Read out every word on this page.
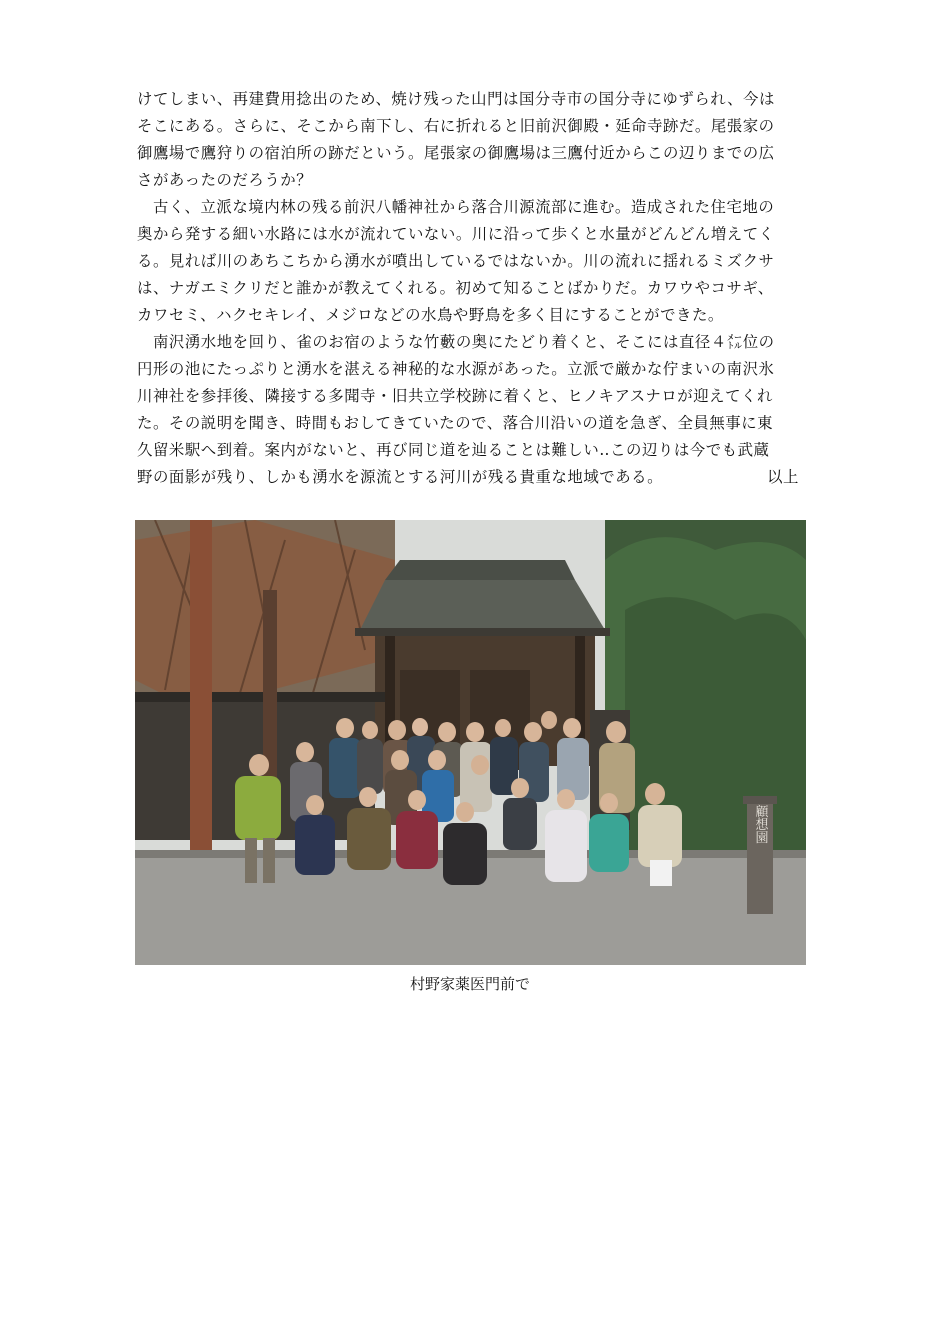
けてしまい、再建費用捻出のため、焼け残った山門は国分寺市の国分寺にゆずられ、今は
そこにある。さらに、そこから南下し、右に折れると旧前沢御殿・延命寺跡だ。尾張家の
御鷹場で鷹狩りの宿泊所の跡だという。尾張家の御鷹場は三鷹付近からこの辺りまでの広
さがあったのだろうか？
　古く、立派な境内林の残る前沢八幡神社から落合川源流部に進む。造成された住宅地の
奥から発する細い水路には水が流れていない。川に沿って歩くと水量がどんどん増えてく
る。見れば川のあちこちから湧水が噴出しているではないか。川の流れに揺れるミズクサ
は、ナガエミクリだと誰かが教えてくれる。初めて知ることばかりだ。カワウやコサギ、
カワセミ、ハクセキレイ、メジロなどの水鳥や野鳥を多く目にすることができた。
　南沢湧水地を回り、雀のお宿のような竹藪の奥にたどり着くと、そこには直径４㍍位の
円形の池にたっぷりと湧水を湛える神秘的な水源があった。立派で厳かな佇まいの南沢氷
川神社を参拝後、隣接する多聞寺・旧共立学校跡に着くと、ヒノキアスナロが迎えてくれ
た。その説明を聞き、時間もおしてきていたので、落合川沿いの道を急ぎ、全員無事に東
久留米駅へ到着。案内がないと、再び同じ道を辿ることは難しい‥この辺りは今でも武蔵
野の面影が残り、しかも湧水を源流とする河川が残る貴重な地域である。	以上
顧想園
村野家薬医門前で
